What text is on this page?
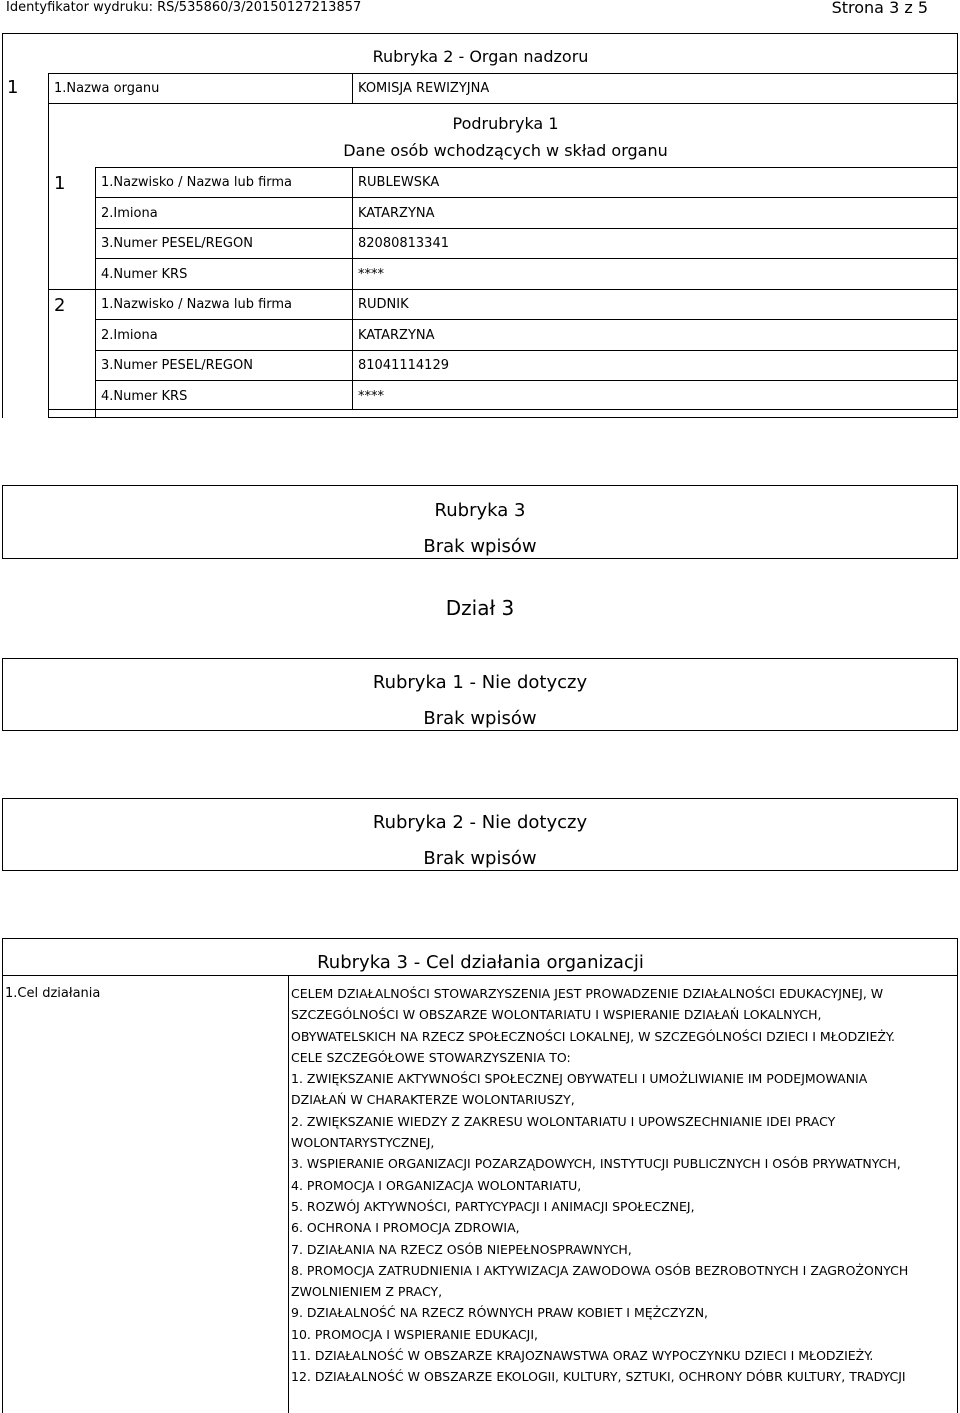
Identyfikator wydruku: RS/535860/3/20150127213857	Strona 3 z 5
Rubryka 2 - Organ nadzoru
1	1.Nazwa organu	KOMISJA REWIZYJNA
Podrubryka 1
Dane osób wchodzących w skład organu
1	1.Nazwisko / Nazwa lub firma	RUBLEWSKA
2.Imiona	KATARZYNA
3.Numer PESEL/REGON	82080813341
4.Numer KRS	****
2	1.Nazwisko / Nazwa lub firma	RUDNIK
2.Imiona	KATARZYNA
3.Numer PESEL/REGON	81041114129
4.Numer KRS	****
Rubryka 3
Brak wpisów
Dział 3
Rubryka 1 - Nie dotyczy
Brak wpisów
Rubryka 2 - Nie dotyczy
Brak wpisów
Rubryka 3 - Cel działania organizacji
1.Cel działania	CELEM DZIAŁALNOŚCI STOWARZYSZENIA JEST PROWADZENIE DZIAŁALNOŚCI EDUKACYJNEJ, W
SZCZEGÓLNOŚCI W OBSZARZE WOLONTARIATU I WSPIERANIE DZIAŁAŃ LOKALNYCH,
OBYWATELSKICH NA RZECZ SPOŁECZNOŚCI LOKALNEJ, W SZCZEGÓLNOŚCI DZIECI I MŁODZIEŻY.
CELE SZCZEGÓŁOWE STOWARZYSZENIA TO:
1. ZWIĘKSZANIE AKTYWNOŚCI SPOŁECZNEJ OBYWATELI I UMOŻLIWIANIE IM PODEJMOWANIA
DZIAŁAŃ W CHARAKTERZE WOLONTARIUSZY,
2. ZWIĘKSZANIE WIEDZY Z ZAKRESU WOLONTARIATU I UPOWSZECHNIANIE IDEI PRACY
WOLONTARYSTYCZNEJ,
3. WSPIERANIE ORGANIZACJI POZARZĄDOWYCH, INSTYTUCJI PUBLICZNYCH I OSÓB PRYWATNYCH,
4. PROMOCJA I ORGANIZACJA WOLONTARIATU,
5. ROZWÓJ AKTYWNOŚCI, PARTYCYPACJI I ANIMACJI SPOŁECZNEJ,
6. OCHRONA I PROMOCJA ZDROWIA,
7. DZIAŁANIA NA RZECZ OSÓB NIEPEŁNOSPRAWNYCH,
8. PROMOCJA ZATRUDNIENIA I AKTYWIZACJA ZAWODOWA OSÓB BEZROBOTNYCH I ZAGROŻONYCH
ZWOLNIENIEM Z PRACY,
9. DZIAŁALNOŚĆ NA RZECZ RÓWNYCH PRAW KOBIET I MĘŻCZYZN,
10. PROMOCJA I WSPIERANIE EDUKACJI,
11. DZIAŁALNOŚĆ W OBSZARZE KRAJOZNAWSTWA ORAZ WYPOCZYNKU DZIECI I MŁODZIEŻY.
12. DZIAŁALNOŚĆ W OBSZARZE EKOLOGII, KULTURY, SZTUKI, OCHRONY DÓBR KULTURY, TRADYCJI
